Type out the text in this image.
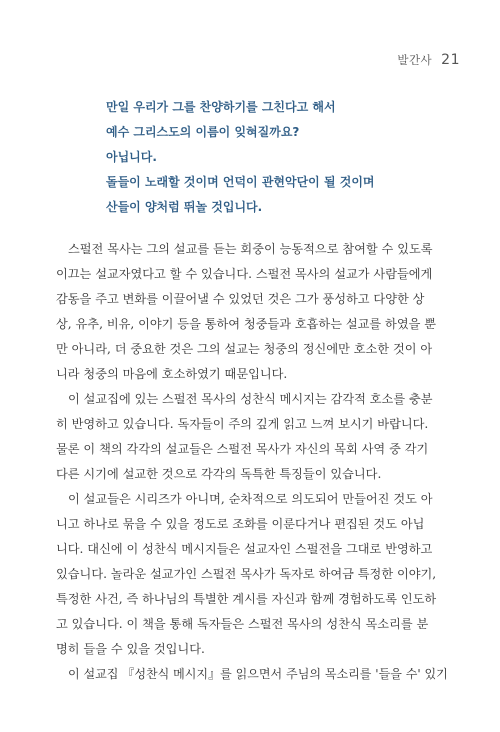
발간사 21
만일 우리가 그를 찬양하기를 그친다고 해서
예수 그리스도의 이름이 잊혀질까요?
아닙니다.
돌들이 노래할 것이며 언덕이 관현악단이 될 것이며
산들이 양처럼 뛰놀 것입니다.
스펄전 목사는 그의 설교를 듣는 회중이 능동적으로 참여할 수 있도록
이끄는 설교자였다고 할 수 있습니다. 스펄전 목사의 설교가 사람들에게
감동을 주고 변화를 이끌어낼 수 있었던 것은 그가 풍성하고 다양한 상
상, 유추, 비유, 이야기 등을 통하여 청중들과 호흡하는 설교를 하였을 뿐
만 아니라, 더 중요한 것은 그의 설교는 청중의 정신에만 호소한 것이 아
니라 청중의 마음에 호소하였기 때문입니다.
이 설교집에 있는 스펄전 목사의 성찬식 메시지는 감각적 호소를 충분
히 반영하고 있습니다. 독자들이 주의 깊게 읽고 느껴 보시기 바랍니다.
물론 이 책의 각각의 설교들은 스펄전 목사가 자신의 목회 사역 중 각기
다른 시기에 설교한 것으로 각각의 독특한 특징들이 있습니다.
이 설교들은 시리즈가 아니며, 순차적으로 의도되어 만들어진 것도 아
니고 하나로 묶을 수 있을 정도로 조화를 이룬다거나 편집된 것도 아닙
니다. 대신에 이 성찬식 메시지들은 설교자인 스펄전을 그대로 반영하고
있습니다. 놀라운 설교가인 스펄전 목사가 독자로 하여금 특정한 이야기,
특정한 사건, 즉 하나님의 특별한 계시를 자신과 함께 경험하도록 인도하
고 있습니다. 이 책을 통해 독자들은 스펄전 목사의 성찬식 목소리를 분
명히 들을 수 있을 것입니다.
이 설교집 『성찬식 메시지』를 읽으면서 주님의 목소리를 '들을 수' 있기
